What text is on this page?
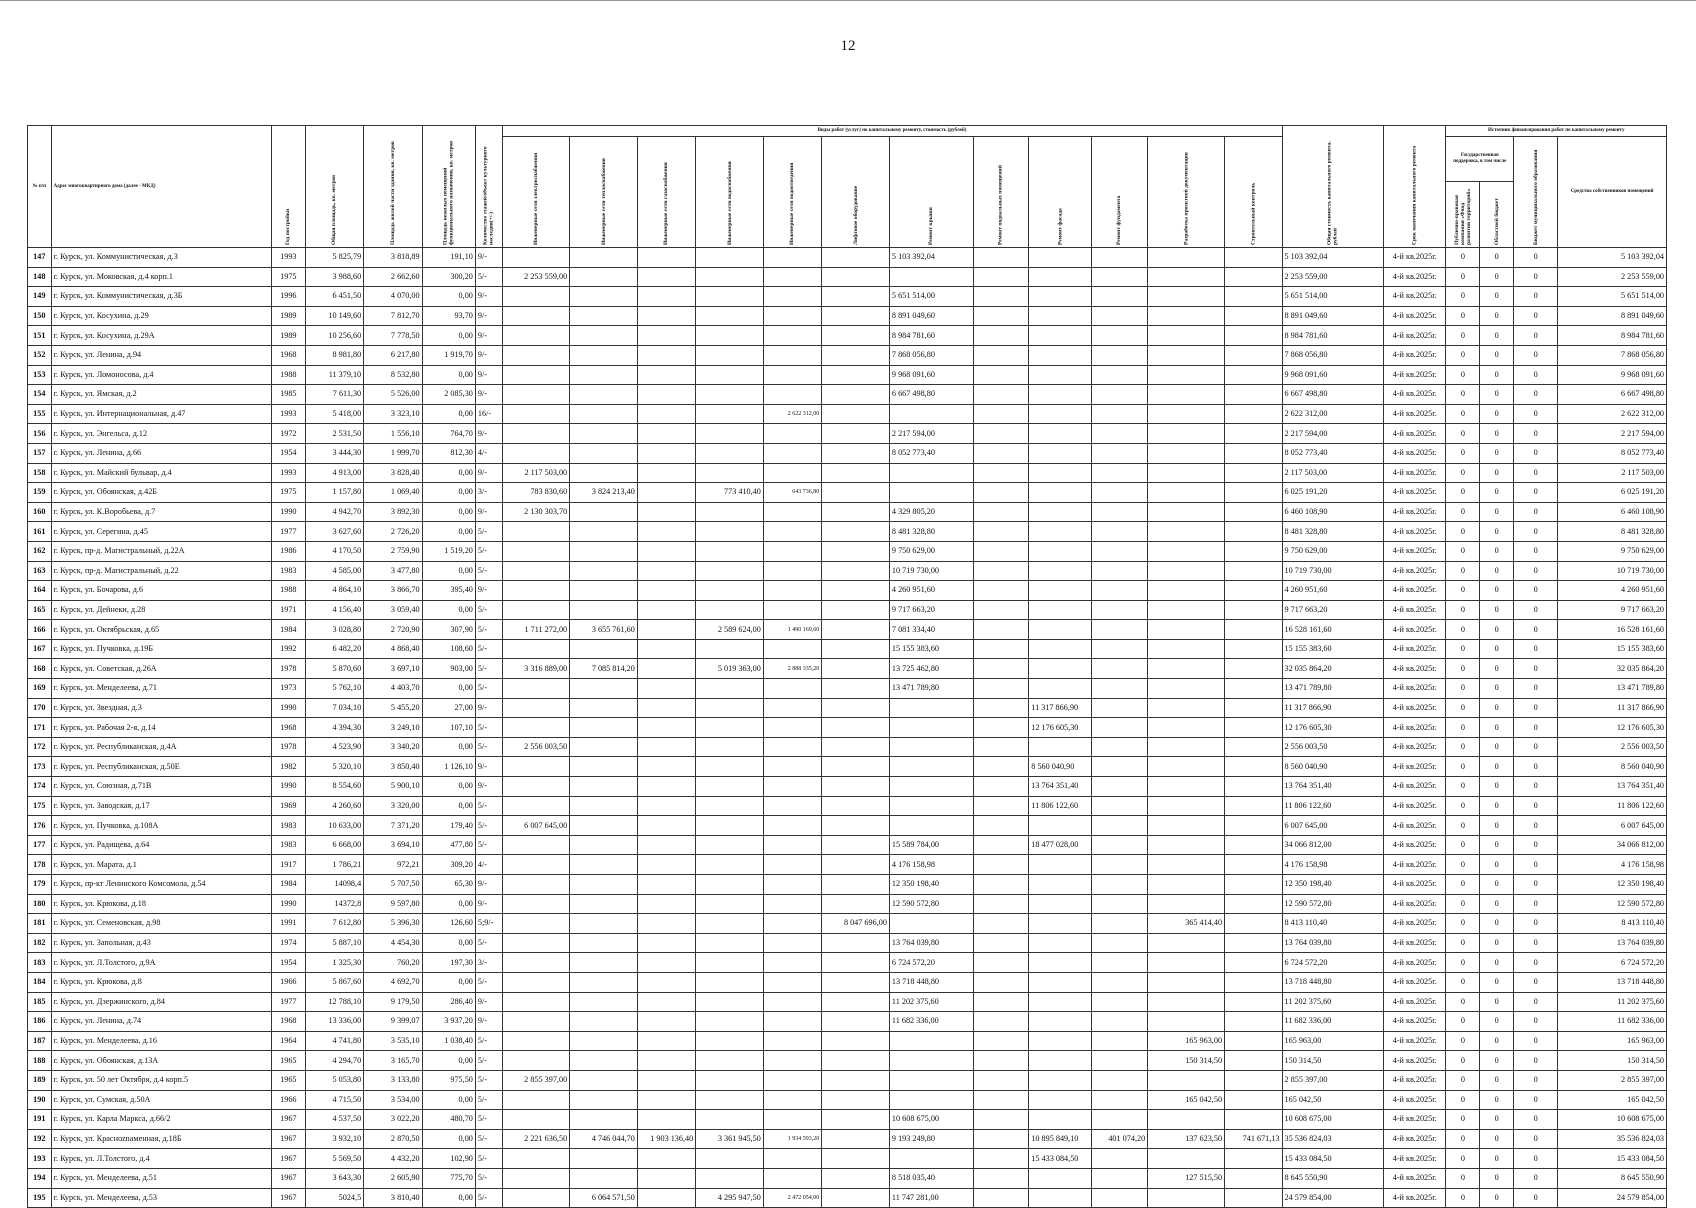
12
№ п/п	Адрес многоквартирного дома (далее - МКД)	Год постройки	Общая площадь, кв. метров	Площадь жилой части здания, кв. метров	Площадь нежилых помещений функционального назначения, кв. метров	Количество этажей/объект культурного наследия(+/-)	Виды работ (услуг) по капитальному ремонту, стоимость (рублей)												Общая стоимость капитального ремонта, рублей	Срок окончания капитального ремонта	Источник финансирования работ по капитальному ремонту			
							Инженерные сети электроснабжения	Инженерные сети теплоснабжения	Инженерные сети газоснабжения	Инженерные сети водоснабжения	Инженерные сети водоотведения	Лифтовое оборудование	Ремонт крыши	Ремонт подвальных помещений	Ремонт фасада	Ремонт фундамента	Разработка проектной документации	Строительный контроль			Государственная поддержка, в том числе		Бюджет муниципального образования	Средства собственников помещений
																					Публично-правовая компания «Фонд развития территорий»	Областной бюджет		
147	г. Курск, ул. Коммунистическая, д.3	1993	5 825,79	3 818,89	191,10	9/-							5 103 392,04						5 103 392,04	4-й кв.2025г.	0	0	0	5 103 392,04
148	г. Курск, ул. Моковская, д.4 корп.1	1975	3 988,60	2 662,60	300,20	5/-	2 253 559,00												2 253 559,00	4-й кв.2025г.	0	0	0	2 253 559,00
149	г. Курск, ул. Коммунистическая, д.3Б	1996	6 451,50	4 070,00	0,00	9/-							5 651 514,00						5 651 514,00	4-й кв.2025г.	0	0	0	5 651 514,00
150	г. Курск, ул. Косухина, д.29	1989	10 149,60	7 812,70	93,70	9/-							8 891 049,60						8 891 049,60	4-й кв.2025г.	0	0	0	8 891 049,60
151	г. Курск, ул. Косухина, д.29А	1989	10 256,60	7 778,50	0,00	9/-							8 984 781,60						8 984 781,60	4-й кв.2025г.	0	0	0	8 984 781,60
152	г. Курск, ул. Ленина, д.94	1968	8 981,80	6 217,80	1 919,70	9/-							7 868 056,80						7 868 056,80	4-й кв.2025г.	0	0	0	7 868 056,80
153	г. Курск, ул. Ломоносова, д.4	1988	11 379,10	8 532,80	0,00	9/-							9 968 091,60						9 968 091,60	4-й кв.2025г.	0	0	0	9 968 091,60
154	г. Курск, ул. Ямская, д.2	1985	7 611,30	5 526,00	2 085,30	9/-							6 667 498,80						6 667 498,80	4-й кв.2025г.	0	0	0	6 667 498,80
155	г. Курск, ул. Интернациональная, д.47	1993	5 418,00	3 323,10	0,00	16/-					2 622 312,00								2 622 312,00	4-й кв.2025г.	0	0	0	2 622 312,00
156	г. Курск, ул. Энгельса, д.12	1972	2 531,50	1 556,10	764,70	9/-							2 217 594,00						2 217 594,00	4-й кв.2025г.	0	0	0	2 217 594,00
157	г. Курск, ул. Ленина, д.66	1954	3 444,30	1 999,70	812,30	4/-							8 052 773,40						8 052 773,40	4-й кв.2025г.	0	0	0	8 052 773,40
158	г. Курск, ул. Майский бульвар, д.4	1993	4 913,00	3 828,40	0,00	9/-	2 117 503,00												2 117 503,00	4-й кв.2025г.	0	0	0	2 117 503,00
159	г. Курск, ул. Обоянская, д.42Б	1975	1 157,80	1 069,40	0,00	3/-	783 830,60	3 824 213,40		773 410,40	643 736,80								6 025 191,20	4-й кв.2025г.	0	0	0	6 025 191,20
160	г. Курск, ул. К.Воробьева, д.7	1990	4 942,70	3 892,30	0,00	9/-	2 130 303,70						4 329 805,20						6 460 108,90	4-й кв.2025г.	0	0	0	6 460 108,90
161	г. Курск, ул. Серегина, д.45	1977	3 627,60	2 726,20	0,00	5/-							8 481 328,80						8 481 328,80	4-й кв.2025г.	0	0	0	8 481 328,80
162	г. Курск, пр-д. Магистральный, д.22А	1986	4 170,50	2 759,90	1 519,20	5/-							9 750 629,00						9 750 629,00	4-й кв.2025г.	0	0	0	9 750 629,00
163	г. Курск, пр-д. Магистральный, д.22	1983	4 585,00	3 477,80	0,00	5/-							10 719 730,00						10 719 730,00	4-й кв.2025г.	0	0	0	10 719 730,00
164	г. Курск, ул. Бочарова, д.6	1988	4 864,10	3 866,70	395,40	9/-							4 260 951,60						4 260 951,60	4-й кв.2025г.	0	0	0	4 260 951,60
165	г. Курск, ул. Дейнеки, д.28	1971	4 156,40	3 059,40	0,00	5/-							9 717 663,20						9 717 663,20	4-й кв.2025г.	0	0	0	9 717 663,20
166	г. Курск, ул. Октябрьская, д.65	1984	3 028,80	2 720,90	307,90	5/-	1 711 272,00	3 655 761,60		2 589 624,00	1 490 169,60		7 081 334,40						16 528 161,60	4-й кв.2025г.	0	0	0	16 528 161,60
167	г. Курск, ул. Пучковка, д.19Б	1992	6 482,20	4 868,40	108,60	5/-							15 155 383,60						15 155 383,60	4-й кв.2025г.	0	0	0	15 155 383,60
168	г. Курск, ул. Советская, д.26А	1978	5 870,60	3 697,10	903,00	5/-	3 316 889,00	7 085 814,20		5 019 363,00	2 888 335,20		13 725 462,80						32 035 864,20	4-й кв.2025г.	0	0	0	32 035 864,20
169	г. Курск, ул. Менделеева, д.71	1973	5 762,10	4 403,70	0,00	5/-							13 471 789,80						13 471 789,80	4-й кв.2025г.	0	0	0	13 471 789,80
170	г. Курск, ул. Звездная, д.3	1990	7 034,10	5 455,20	27,00	9/-									11 317 866,90				11 317 866,90	4-й кв.2025г.	0	0	0	11 317 866,90
171	г. Курск, ул. Рабочая 2-я, д.14	1968	4 394,30	3 249,10	107,10	5/-									12 176 605,30				12 176 605,30	4-й кв.2025г.	0	0	0	12 176 605,30
172	г. Курск, ул. Республиканская, д.4А	1978	4 523,90	3 340,20	0,00	5/-	2 556 003,50												2 556 003,50	4-й кв.2025г.	0	0	0	2 556 003,50
173	г. Курск, ул. Республиканская, д.50Е	1982	5 320,10	3 850,40	1 126,10	9/-									8 560 040,90				8 560 040,90	4-й кв.2025г.	0	0	0	8 560 040,90
174	г. Курск, ул. Союзная, д.71В	1990	8 554,60	5 900,10	0,00	9/-									13 764 351,40				13 764 351,40	4-й кв.2025г.	0	0	0	13 764 351,40
175	г. Курск, ул. Заводская, д.17	1969	4 260,60	3 320,00	0,00	5/-									11 806 122,60				11 806 122,60	4-й кв.2025г.	0	0	0	11 806 122,60
176	г. Курск, ул. Пучковка, д.108А	1983	10 633,00	7 371,20	179,40	5/-	6 007 645,00												6 007 645,00	4-й кв.2025г.	0	0	0	6 007 645,00
177	г. Курск, ул. Радищева, д.64	1983	6 668,00	3 694,10	477,80	5/-							15 589 784,00		18 477 028,00				34 066 812,00	4-й кв.2025г.	0	0	0	34 066 812,00
178	г. Курск, ул. Марата, д.1	1917	1 786,21	972,21	309,20	4/-							4 176 158,98						4 176 158,98	4-й кв.2025г.	0	0	0	4 176 158,98
179	г. Курск, пр-кт Ленинского Комсомола, д.54	1984	14098,4	5 707,50	65,30	9/-							12 350 198,40						12 350 198,40	4-й кв.2025г.	0	0	0	12 350 198,40
180	г. Курск, ул. Крюкова, д.18	1990	14372,8	9 597,80	0,00	9/-							12 590 572,80						12 590 572,80	4-й кв.2025г.	0	0	0	12 590 572,80
181	г. Курск, ул. Семеновская, д.98	1991	7 612,80	5 396,30	126,60	5;9/-						8 047 696,00					365 414,40		8 413 110,40	4-й кв.2025г.	0	0	0	8 413 110,40
182	г. Курск, ул. Запольная, д.43	1974	5 887,10	4 454,30	0,00	5/-							13 764 039,80						13 764 039,80	4-й кв.2025г.	0	0	0	13 764 039,80
183	г. Курск, ул. Л.Толстого, д.9А	1954	1 325,30	760,20	197,30	3/-							6 724 572,20						6 724 572,20	4-й кв.2025г.	0	0	0	6 724 572,20
184	г. Курск, ул. Крюкова, д.8	1966	5 867,60	4 692,70	0,00	5/-							13 718 448,80						13 718 448,80	4-й кв.2025г.	0	0	0	13 718 448,80
185	г. Курск, ул. Дзержинского, д.84	1977	12 788,10	9 179,50	286,40	9/-							11 202 375,60						11 202 375,60	4-й кв.2025г.	0	0	0	11 202 375,60
186	г. Курск, ул. Ленина, д.74	1968	13 336,00	9 399,07	3 937,20	9/-							11 682 336,00						11 682 336,00	4-й кв.2025г.	0	0	0	11 682 336,00
187	г. Курск, ул. Менделеева, д.16	1964	4 741,80	3 535,10	1 038,40	5/-											165 963,00		165 963,00	4-й кв.2025г.	0	0	0	165 963,00
188	г. Курск, ул. Обоянская, д.13А	1965	4 294,70	3 165,70	0,00	5/-											150 314,50		150 314,50	4-й кв.2025г.	0	0	0	150 314,50
189	г. Курск, ул. 50 лет Октября, д.4 корп.5	1965	5 053,80	3 133,80	975,50	5/-	2 855 397,00												2 855 397,00	4-й кв.2025г.	0	0	0	2 855 397,00
190	г. Курск, ул. Сумская, д.50А	1966	4 715,50	3 534,00	0,00	5/-											165 042,50		165 042,50	4-й кв.2025г.	0	0	0	165 042,50
191	г. Курск, ул. Карла Маркса, д.66/2	1967	4 537,50	3 022,20	480,70	5/-							10 608 675,00						10 608 675,00	4-й кв.2025г.	0	0	0	10 608 675,00
192	г. Курск, ул. Красноznаменная, д.18Б	1967	3 932,10	2 870,50	0,00	5/-	2 221 636,50	4 746 044,70	1 903 136,40	3 361 945,50	1 934 593,20		9 193 249,80		10 895 849,10	401 074,20	137 623,50	741 671,13	35 536 824,03	4-й кв.2025г.	0	0	0	35 536 824,03
193	г. Курск, ул. Л.Толстого, д.4	1967	5 569,50	4 432,20	102,90	5/-									15 433 084,50				15 433 084,50	4-й кв.2025г.	0	0	0	15 433 084,50
194	г. Курск, ул. Менделеева, д.51	1967	3 643,30	2 605,90	775,70	5/-							8 518 035,40				127 515,50		8 645 550,90	4-й кв.2025г.	0	0	0	8 645 550,90
195	г. Курск, ул. Менделеева, д.53	1967	5024,5	3 810,40	0,00	5/-		6 064 571,50		4 295 947,50	2 472 054,00		11 747 281,00						24 579 854,00	4-й кв.2025г.	0	0	0	24 579 854,00
